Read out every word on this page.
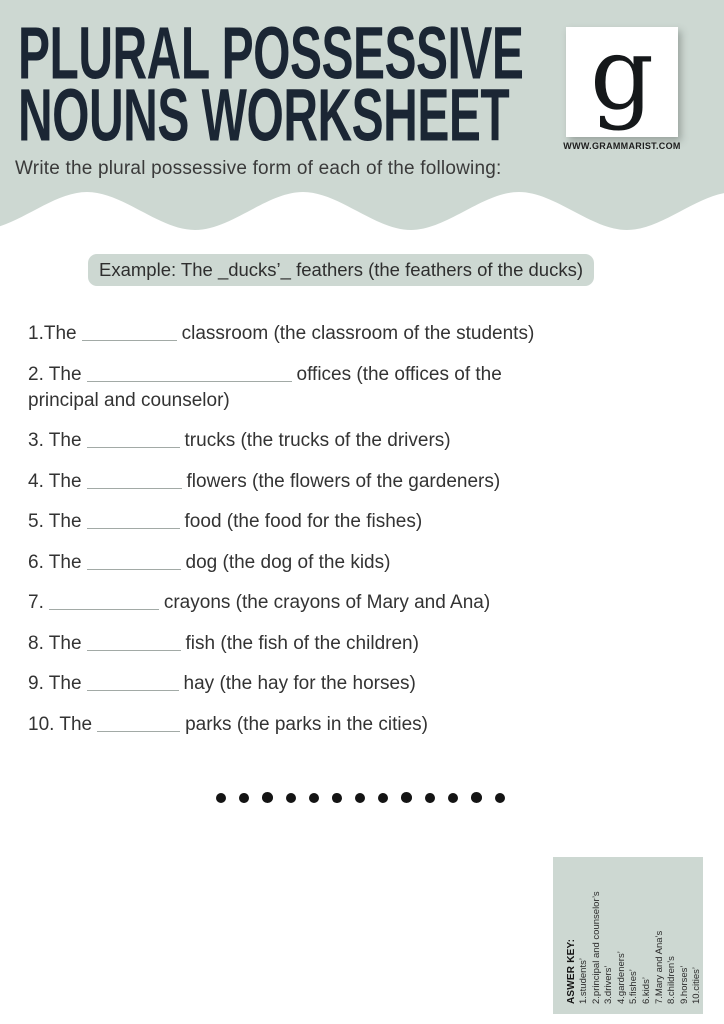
PLURAL POSSESSIVE
NOUNS WORKSHEET
Write the plural possessive form of each of the following:
g
WWW.GRAMMARIST.COM
Example: The _ducks’_ feathers (the feathers of the ducks)
1.The	classroom (the classroom of the students)
2. The	offices (the offices of the
principal and counselor)
3. The	trucks (the trucks of the drivers)
4. The	flowers (the flowers of the gardeners)
5. The	food (the food for the fishes)
6. The	dog (the dog of the kids)
7.	crayons (the crayons of Mary and Ana)
8. The	fish (the fish of the children)
9. The	hay (the hay for the horses)
10. The	parks (the parks in the cities)
ASWER KEY: 1.students’ 2.principal and counselor’s 3.drivers’ 4.gardeners’ 5.fishes’ 6.kids’ 7.Mary and Ana’s 8.children’s 9.horses’ 10.cities’
